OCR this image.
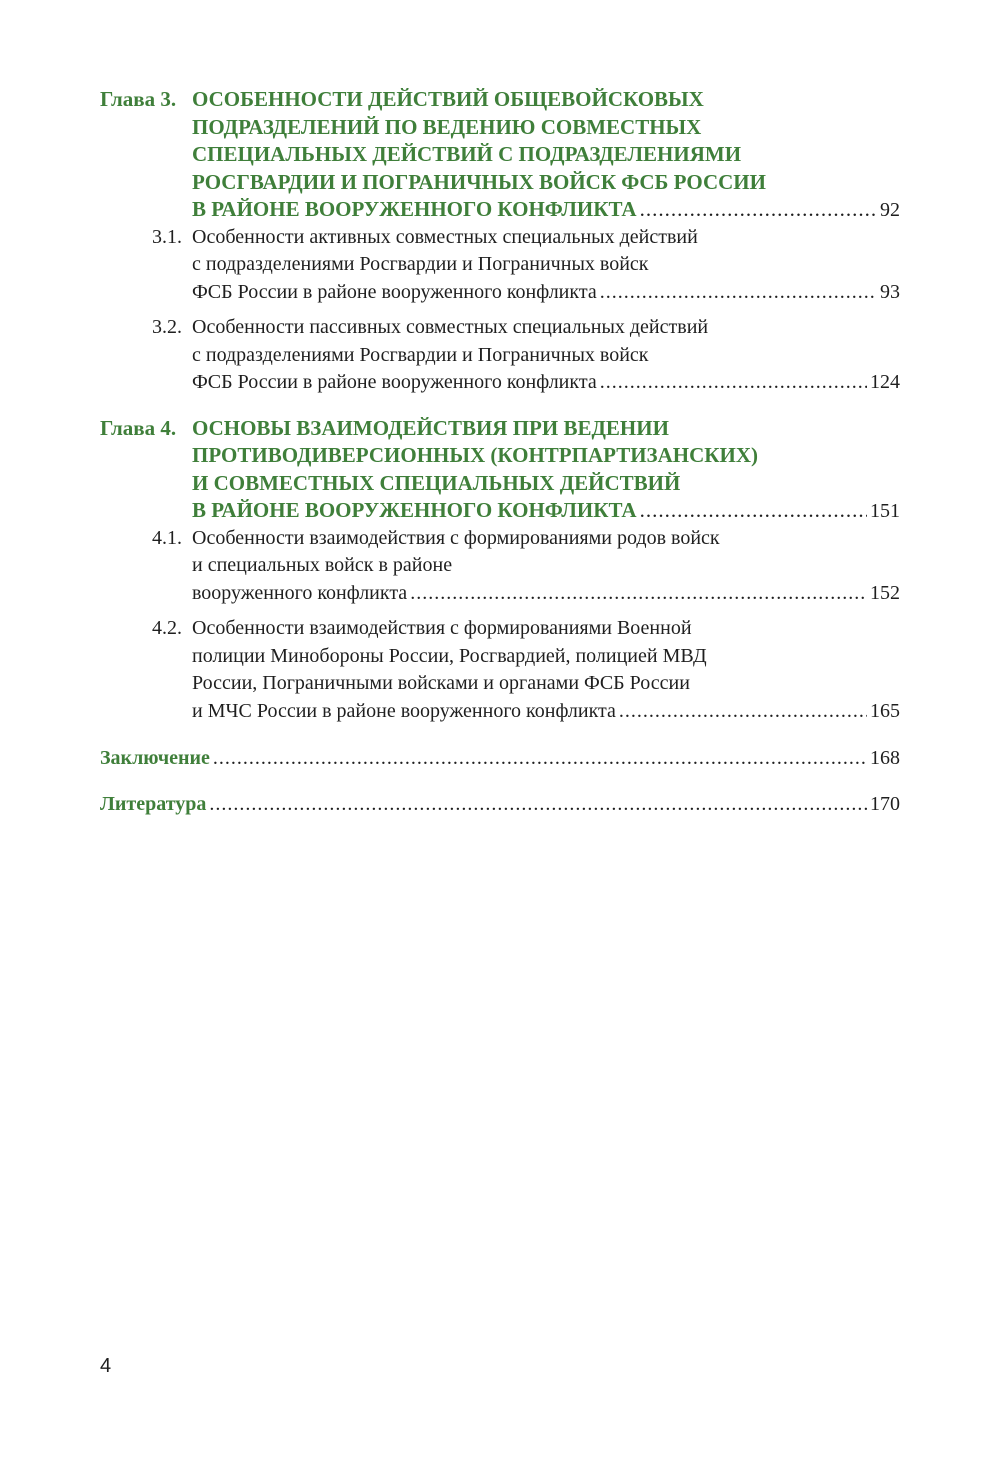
Глава 3. ОСОБЕННОСТИ ДЕЙСТВИЙ ОБЩЕВОЙСКОВЫХ
ПОДРАЗДЕЛЕНИЙ ПО ВЕДЕНИЮ СОВМЕСТНЫХ
СПЕЦИАЛЬНЫХ ДЕЙСТВИЙ С ПОДРАЗДЕЛЕНИЯМИ
РОСГВАРДИИ И ПОГРАНИЧНЫХ ВОЙСК ФСБ РОССИИ
В РАЙОНЕ ВООРУЖЕННОГО КОНФЛИКТА .....	92
3.1. Особенности активных совместных специальных действий
с подразделениями Росгвардии и Пограничных войск
ФСБ России в районе вооруженного конфликта .....	93
3.2. Особенности пассивных совместных специальных действий
с подразделениями Росгвардии и Пограничных войск
ФСБ России в районе вооруженного конфликта .....	124
Глава 4. ОСНОВЫ ВЗАИМОДЕЙСТВИЯ ПРИ ВЕДЕНИИ
ПРОТИВОДИВЕРСИОННЫХ (КОНТРПАРТИЗАНСКИХ)
И СОВМЕСТНЫХ СПЕЦИАЛЬНЫХ ДЕЙСТВИЙ
В РАЙОНЕ ВООРУЖЕННОГО КОНФЛИКТА .....	151
4.1. Особенности взаимодействия с формированиями родов войск
и специальных войск в районе
вооруженного конфликта .....	152
4.2. Особенности взаимодействия с формированиями Военной
полиции Минобороны России, Росгвардией, полицией МВД
России, Пограничными войсками и органами ФСБ России
и МЧС России в районе вооруженного конфликта .....	165
Заключение .....	168
Литература .....	170
4
